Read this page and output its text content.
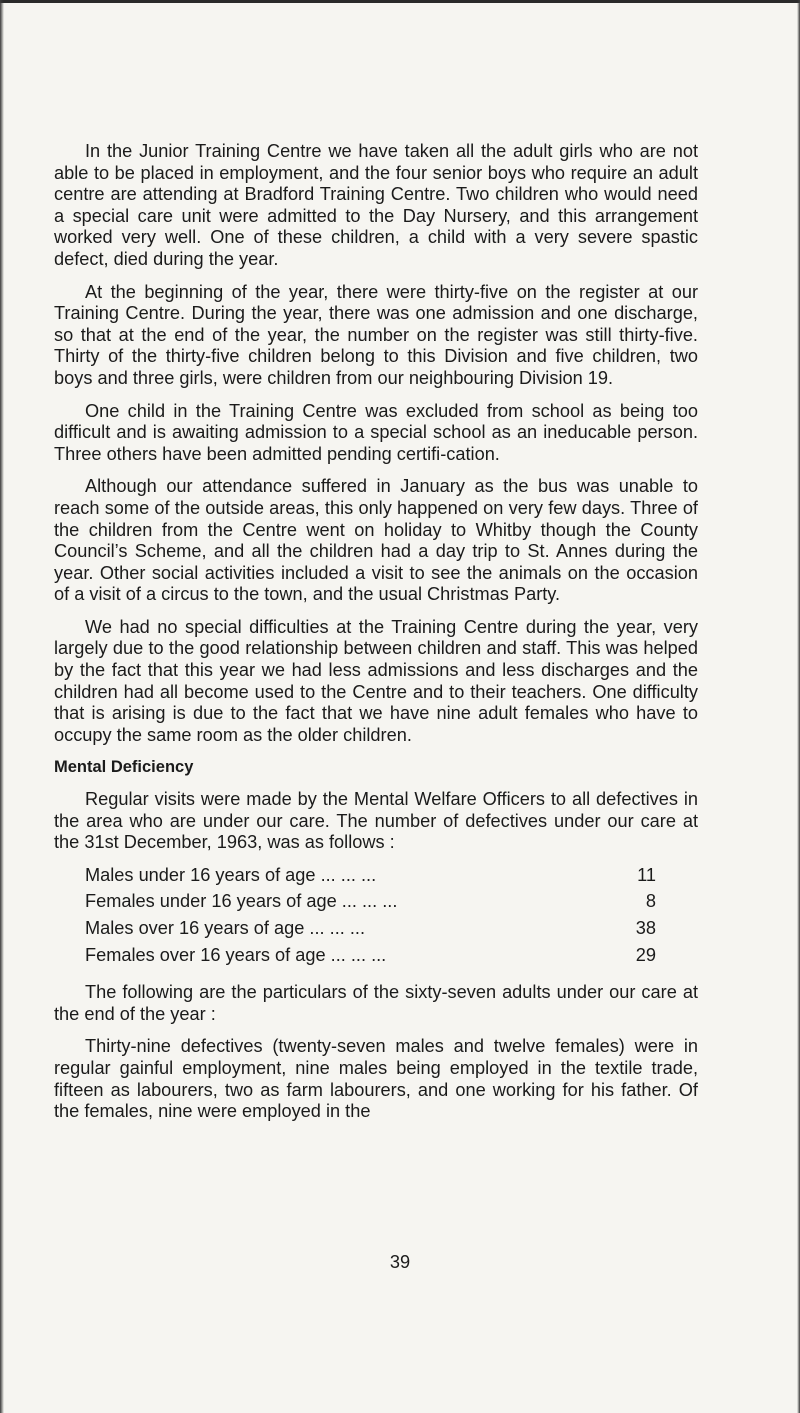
In the Junior Training Centre we have taken all the adult girls who are not able to be placed in employment, and the four senior boys who require an adult centre are attending at Bradford Training Centre. Two children who would need a special care unit were admitted to the Day Nursery, and this arrangement worked very well. One of these children, a child with a very severe spastic defect, died during the year.

At the beginning of the year, there were thirty-five on the register at our Training Centre. During the year, there was one admission and one discharge, so that at the end of the year, the number on the register was still thirty-five. Thirty of the thirty-five children belong to this Division and five children, two boys and three girls, were children from our neighbouring Division 19.

One child in the Training Centre was excluded from school as being too difficult and is awaiting admission to a special school as an ineducable person. Three others have been admitted pending certifi-cation.

Although our attendance suffered in January as the bus was unable to reach some of the outside areas, this only happened on very few days. Three of the children from the Centre went on holiday to Whitby though the County Council’s Scheme, and all the children had a day trip to St. Annes during the year. Other social activities included a visit to see the animals on the occasion of a visit of a circus to the town, and the usual Christmas Party.

We had no special difficulties at the Training Centre during the year, very largely due to the good relationship between children and staff. This was helped by the fact that this year we had less admissions and less discharges and the children had all become used to the Centre and to their teachers. One difficulty that is arising is due to the fact that we have nine adult females who have to occupy the same room as the older children.

Mental Deficiency

Regular visits were made by the Mental Welfare Officers to all defectives in the area who are under our care. The number of defectives under our care at the 31st December, 1963, was as follows :

Males under 16 years of age ... ... ...	11
Females under 16 years of age ... ... ...	8
Males over 16 years of age ... ... ...	38
Females over 16 years of age ... ... ...	29

The following are the particulars of the sixty-seven adults under our care at the end of the year :

Thirty-nine defectives (twenty-seven males and twelve females) were in regular gainful employment, nine males being employed in the textile trade, fifteen as labourers, two as farm labourers, and one working for his father. Of the females, nine were employed in the

39
